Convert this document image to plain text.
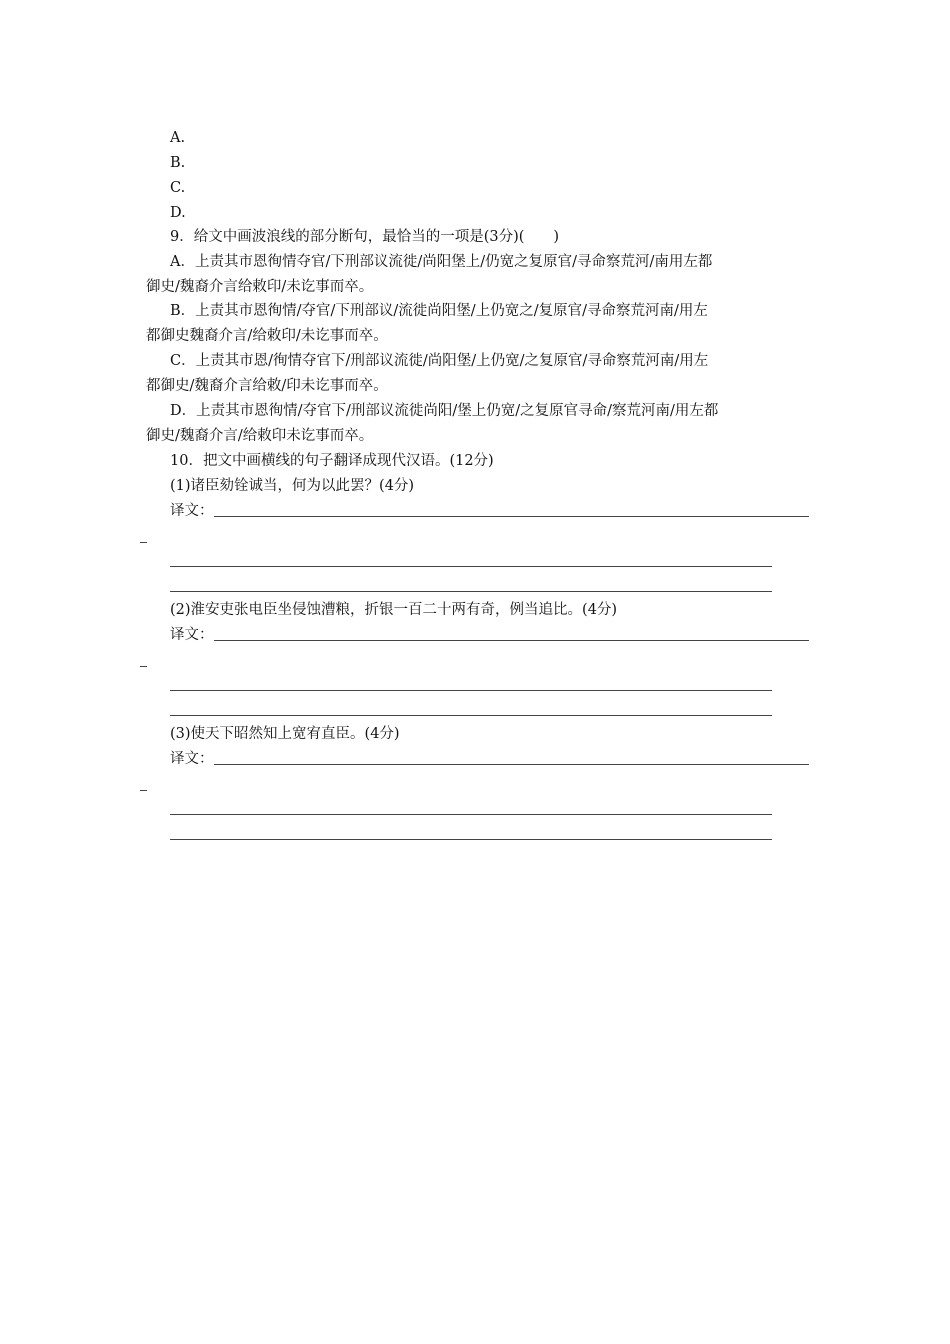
A.
B.
C.
D.
9．给文中画波浪线的部分断句，最恰当的一项是(3分)(　　)
A．上责其市恩徇情夺官/下刑部议流徙/尚阳堡上/仍宽之复原官/寻命察荒河/南用左都
御史/魏裔介言给敕印/未讫事而卒。
B．上责其市恩徇情/夺官/下刑部议/流徙尚阳堡/上仍宽之/复原官/寻命察荒河南/用左
都御史魏裔介言/给敕印/未讫事而卒。
C．上责其市恩/徇情夺官下/刑部议流徙/尚阳堡/上仍宽/之复原官/寻命察荒河南/用左
都御史/魏裔介言给敕/印未讫事而卒。
D．上责其市恩徇情/夺官下/刑部议流徙尚阳/堡上仍宽/之复原官寻命/察荒河南/用左都
御史/魏裔介言/给敕印未讫事而卒。
10．把文中画横线的句子翻译成现代汉语。(12分)
(1)诸臣劾铨诚当，何为以此罢？(4分)
译文：
(2)淮安吏张电臣坐侵蚀漕粮，折银一百二十两有奇，例当追比。(4分)
译文：
(3)使天下昭然知上宽宥直臣。(4分)
译文：
